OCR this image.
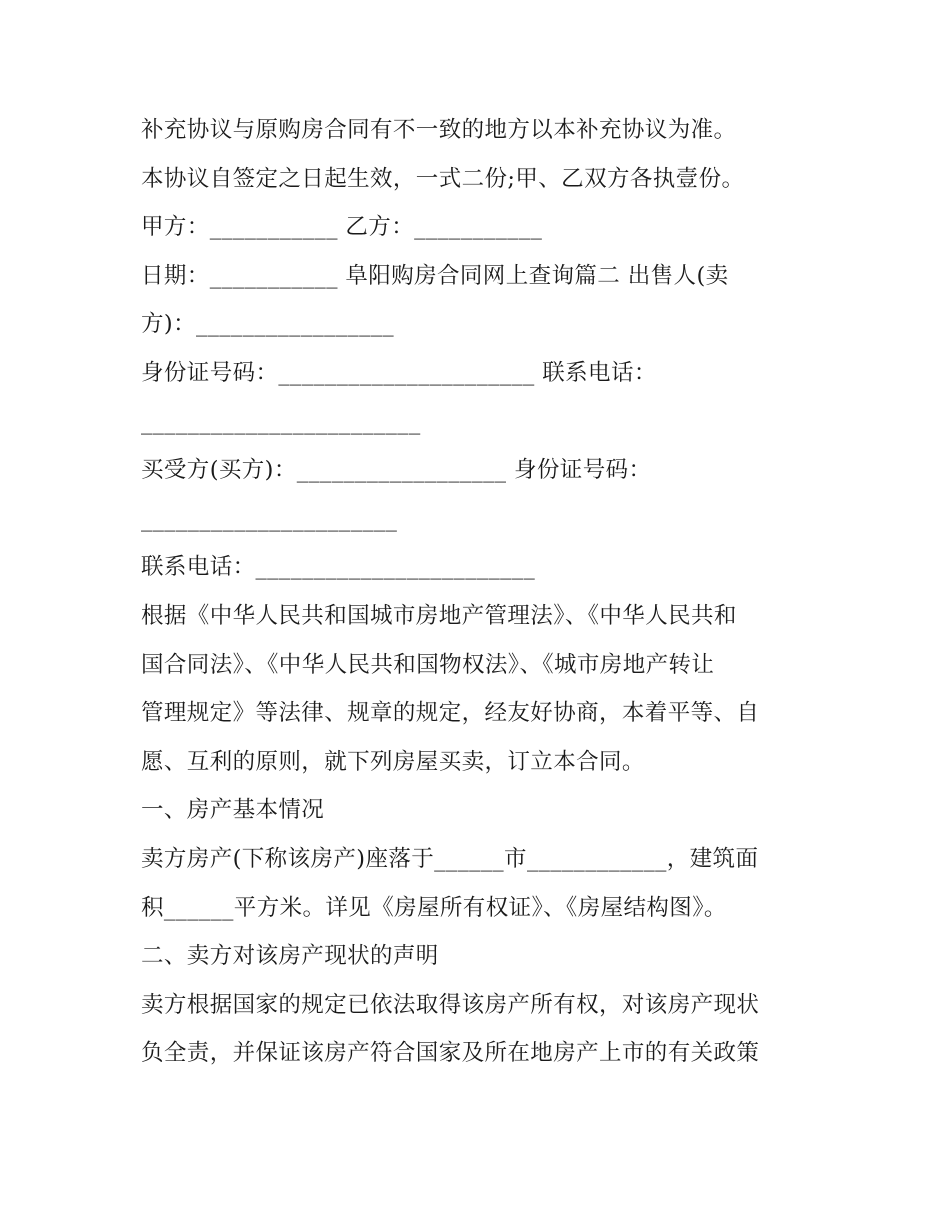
补充协议与原购房合同有不一致的地方以本补充协议为准。
本协议自签定之日起生效，一式二份;甲、乙双方各执壹份。
甲方：___________ 乙方：___________
日期：___________ 阜阳购房合同网上查询篇二 出售人(卖
方)：_________________
身份证号码：______________________ 联系电话：
________________________
买受方(买方)：__________________ 身份证号码：
______________________
联系电话：________________________
根据《中华人民共和国城市房地产管理法》、《中华人民共和
国合同法》、《中华人民共和国物权法》、《城市房地产转让
管理规定》等法律、规章的规定，经友好协商，本着平等、自
愿、互利的原则，就下列房屋买卖，订立本合同。
一、房产基本情况
卖方房产(下称该房产)座落于______市____________，建筑面
积______平方米。详见《房屋所有权证》、《房屋结构图》。
二、卖方对该房产现状的声明
卖方根据国家的规定已依法取得该房产所有权，对该房产现状
负全责，并保证该房产符合国家及所在地房产上市的有关政策
